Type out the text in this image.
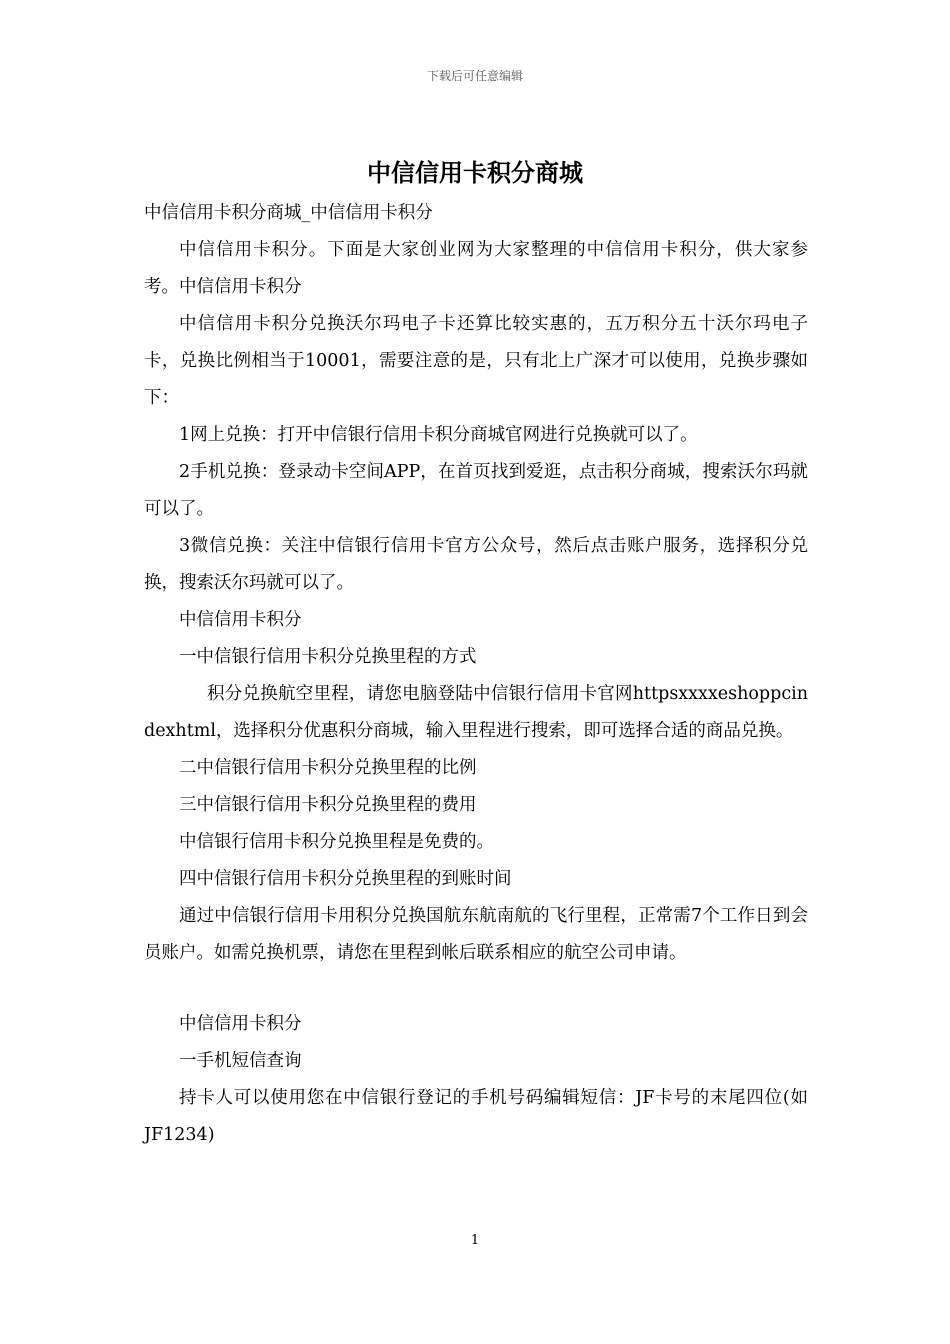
下载后可任意编辑
中信信用卡积分商城

中信信用卡积分商城_中信信用卡积分

中信信用卡积分。下面是大家创业网为大家整理的中信信用卡积分，供大家参考。中信信用卡积分

中信信用卡积分兑换沃尔玛电子卡还算比较实惠的，五万积分五十沃尔玛电子卡，兑换比例相当于10001，需要注意的是，只有北上广深才可以使用，兑换步骤如下：

1网上兑换：打开中信银行信用卡积分商城官网进行兑换就可以了。

2手机兑换：登录动卡空间APP，在首页找到爱逛，点击积分商城，搜索沃尔玛就可以了。

3微信兑换：关注中信银行信用卡官方公众号，然后点击账户服务，选择积分兑换，搜索沃尔玛就可以了。

中信信用卡积分

一中信银行信用卡积分兑换里程的方式

积分兑换航空里程，请您电脑登陆中信银行信用卡官网httpsxxxxeshoppcindexhtml，选择积分优惠积分商城，输入里程进行搜索，即可选择合适的商品兑换。

二中信银行信用卡积分兑换里程的比例

三中信银行信用卡积分兑换里程的费用

中信银行信用卡积分兑换里程是免费的。

四中信银行信用卡积分兑换里程的到账时间

通过中信银行信用卡用积分兑换国航东航南航的飞行里程，正常需7个工作日到会员账户。如需兑换机票，请您在里程到帐后联系相应的航空公司申请。

中信信用卡积分

一手机短信查询

持卡人可以使用您在中信银行登记的手机号码编辑短信：JF卡号的末尾四位(如JF1234)

1
